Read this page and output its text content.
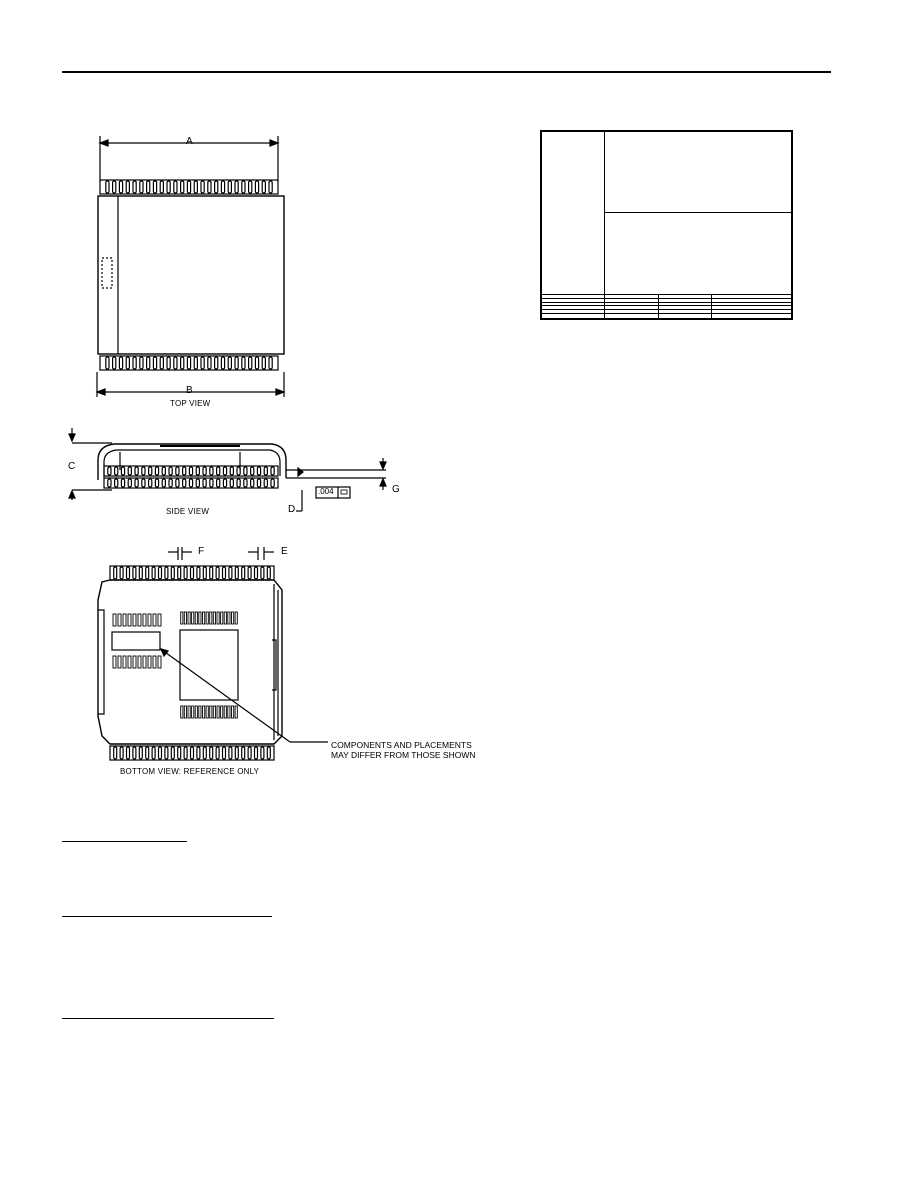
A
B
C
D
E
F
G
.004
TOP VIEW
SIDE VIEW
BOTTOM VIEW: REFERENCE ONLY
COMPONENTS AND PLACEMENTS
MAY DIFFER FROM THOSE SHOWN
